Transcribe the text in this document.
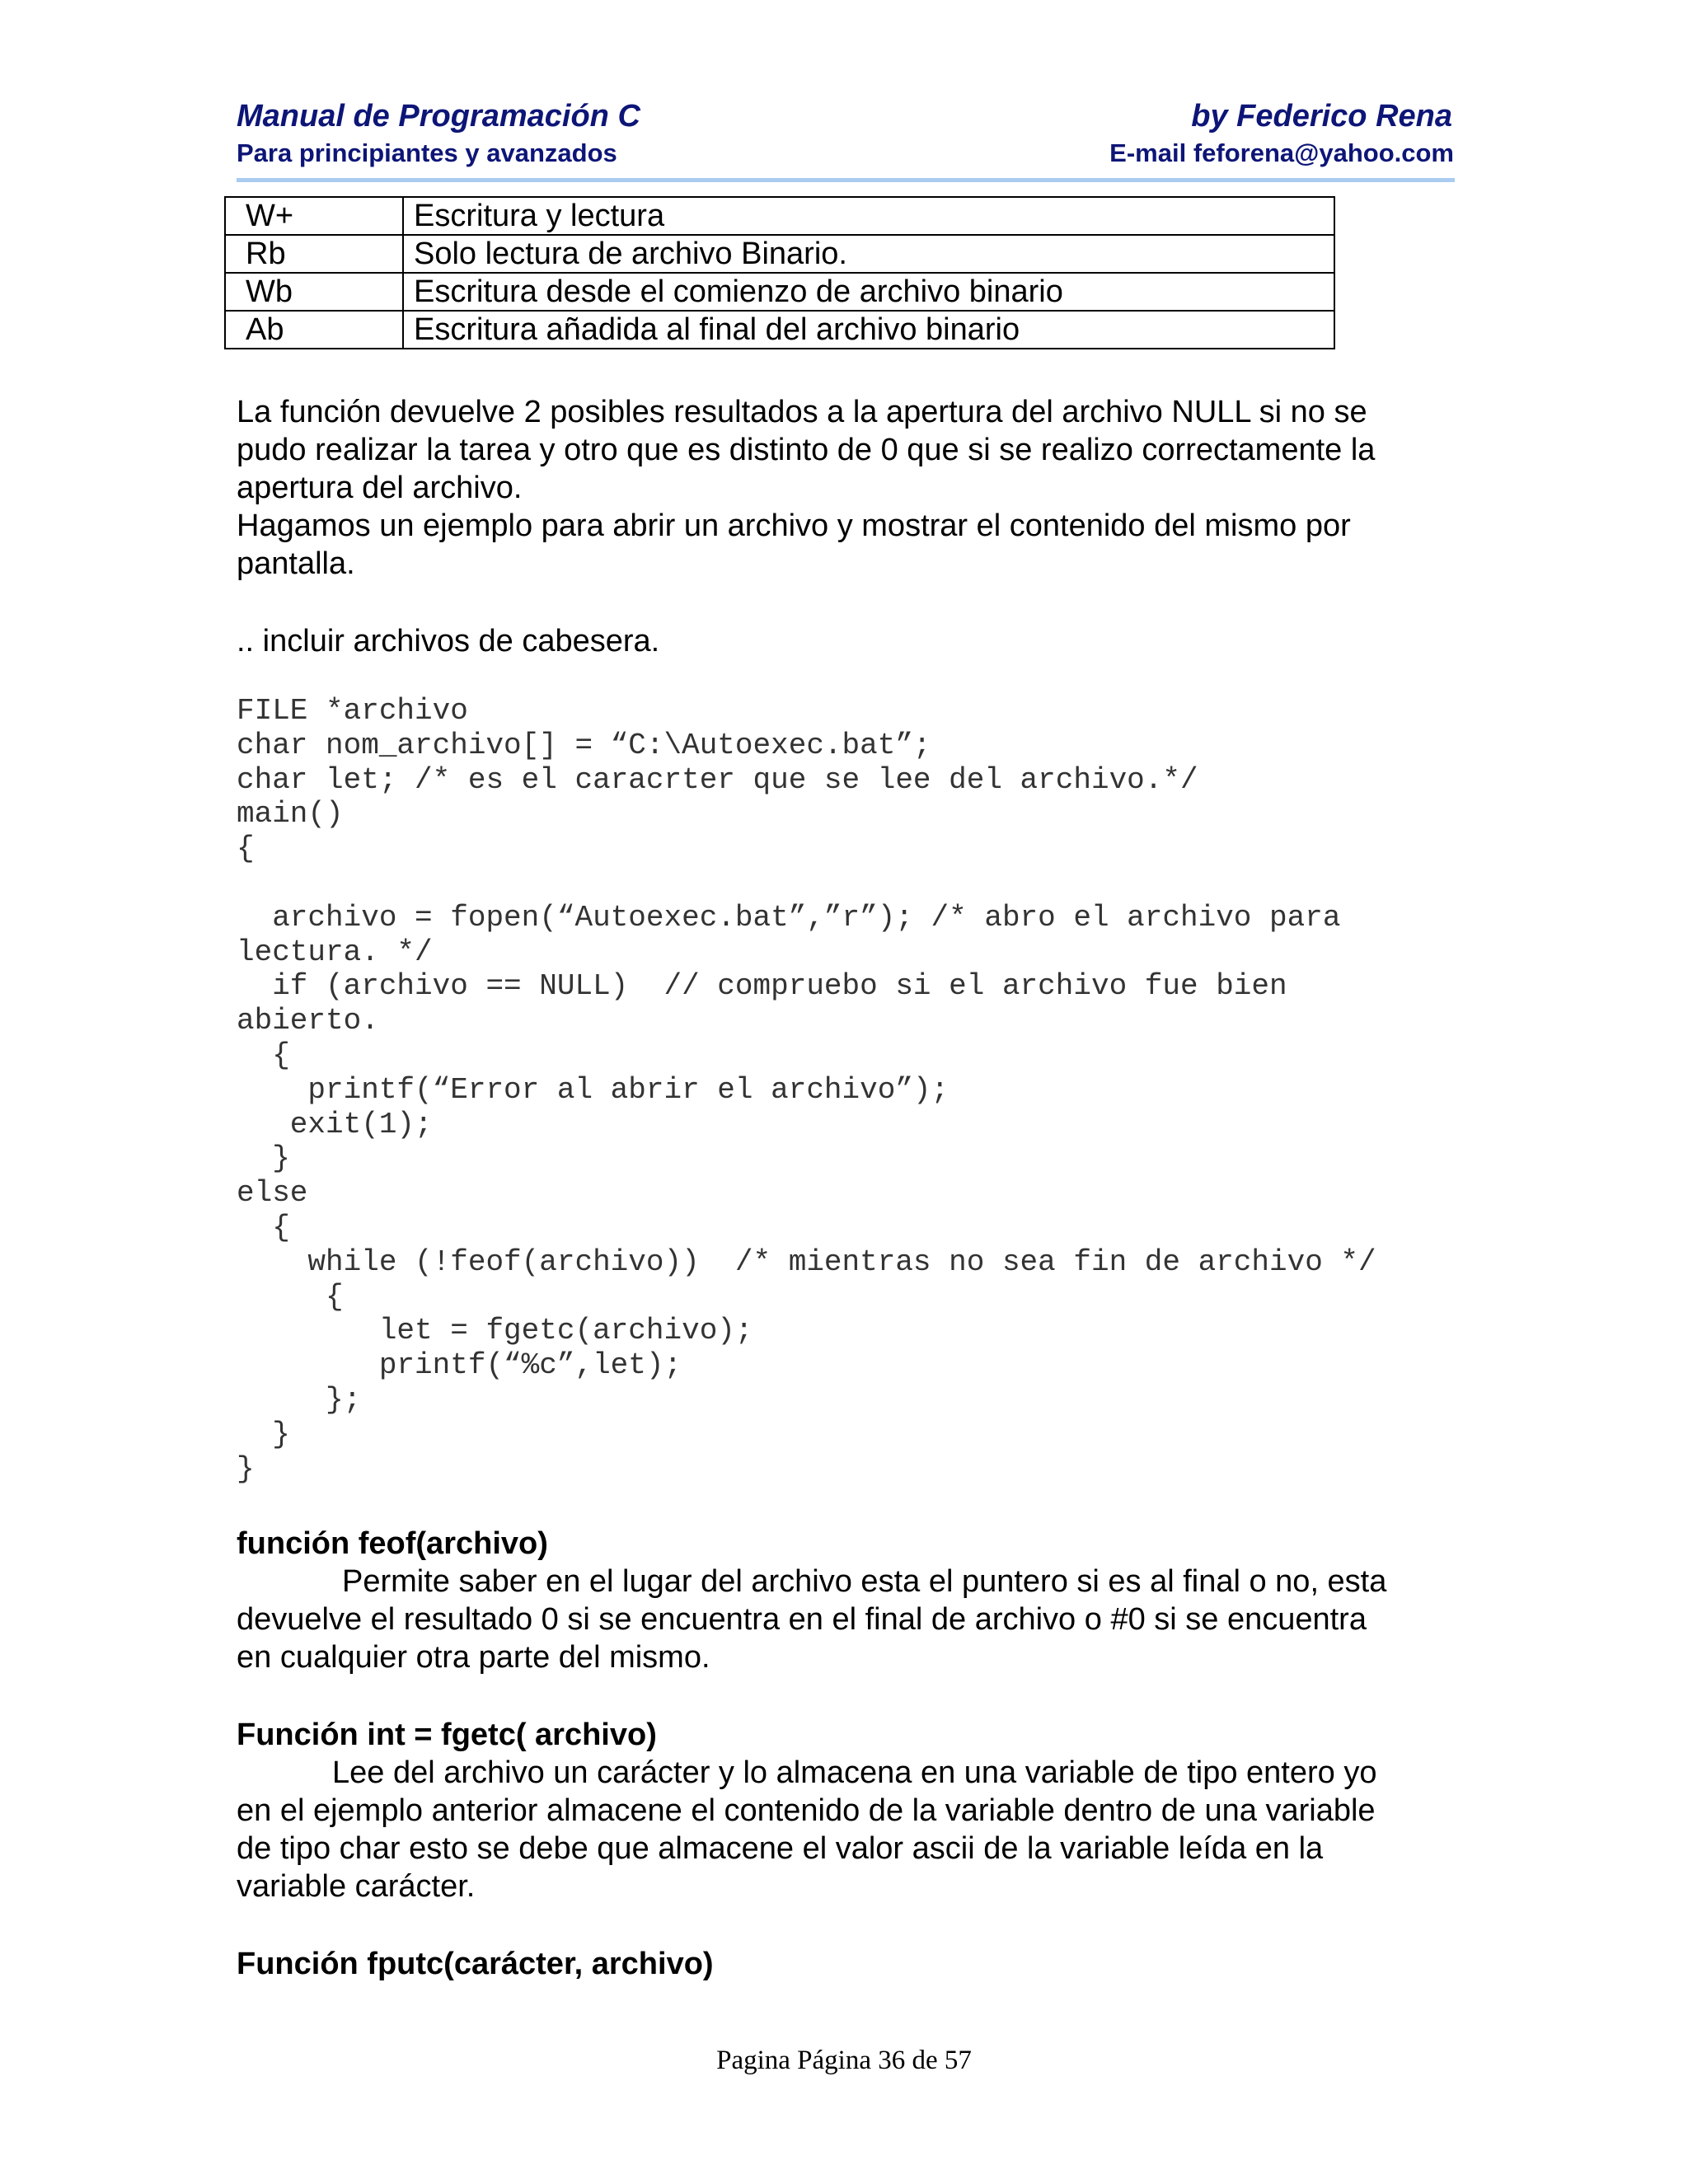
Manual de Programación C	by Federico Rena
Para principiantes y avanzados	E-mail feforena@yahoo.com
W+	Escritura y lectura
Rb	Solo lectura de archivo Binario.
Wb	Escritura desde el comienzo de archivo binario
Ab	Escritura añadida al final del archivo binario
La función devuelve 2 posibles resultados a la apertura del archivo NULL si no se
pudo realizar la tarea y otro que es distinto de 0 que si se realizo correctamente la
apertura del archivo.
Hagamos un ejemplo para abrir un archivo y mostrar el contenido del mismo por
pantalla.
.. incluir archivos de cabesera.
FILE *archivo
char nom_archivo[] = “C:\Autoexec.bat”;
char let; /* es el caracrter que se lee del archivo.*/
main()
{

archivo = fopen(“Autoexec.bat”,”r”); /* abro el archivo para
lectura. */
if (archivo == NULL)  // compruebo si el archivo fue bien
abierto.
{
printf(“Error al abrir el archivo”);
exit(1);
}
else
{
while (!feof(archivo))  /* mientras no sea fin de archivo */
{
let = fgetc(archivo);
printf(“%c”,let);
};
}
}
función feof(archivo)
Permite saber en el lugar del archivo esta el puntero si es al final o no, esta
devuelve el resultado 0 si se encuentra en el final de archivo o #0 si se encuentra
en cualquier otra parte del mismo.
Función int = fgetc( archivo)
Lee del archivo un carácter y lo almacena en una variable de tipo entero yo
en el ejemplo anterior almacene el contenido de la variable dentro de una variable
de tipo char esto se debe que almacene el valor ascii de la variable leída en la
variable carácter.
Función fputc(carácter, archivo)
Pagina Página 36 de 57
